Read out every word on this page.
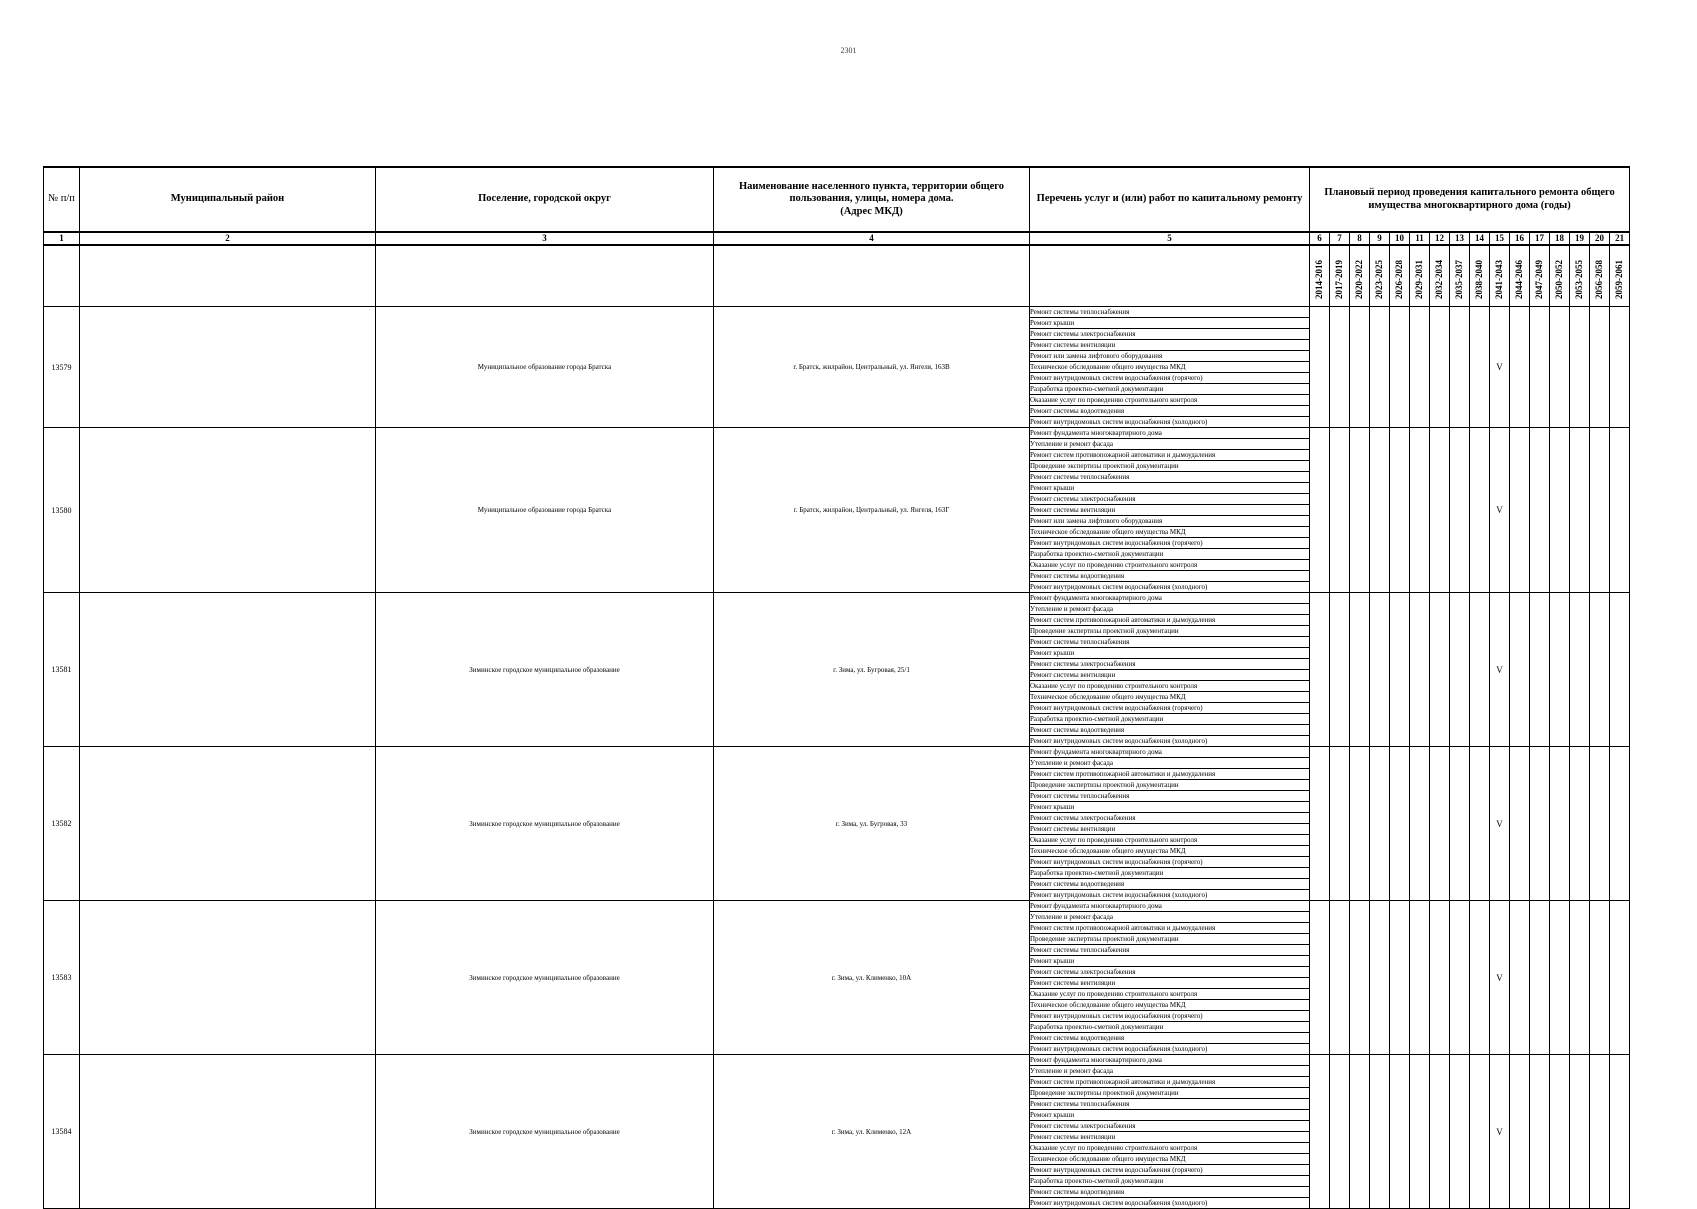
2301
№ п/п	Муниципальный район	Поселение, городской округ	Наименование населенного пункта, территории общего
пользования, улицы, номера дома.
(Адрес МКД)	Перечень услуг и (или) работ по капитальному ремонту	Плановый период проведения капитального ремонта общего
имущества многоквартирного дома (годы)															
1	2	3	4	5	6	7	8	9	10	11	12	13	14	15	16	17	18	19	20	21
					2014-2016	2017-2019	2020-2022	2023-2025	2026-2028	2029-2031	2032-2034	2035-2037	2038-2040	2041-2043	2044-2046	2047-2049	2050-2052	2053-2055	2056-2058	2059-2061
13579		Муниципальное образование города Братска	г. Братск, жилрайон, Центральный, ул. Янгеля, 163В	Ремонт системы теплоснабжения										V						
				Ремонт крыши																
				Ремонт системы электроснабжения																
				Ремонт системы вентиляции																
				Ремонт или замена лифтового оборудования																
				Техническое обследование общего имущества МКД																
				Ремонт внутридомовых систем водоснабжения (горячего)																
				Разработка проектно-сметной документации																
				Оказание услуг по проведению строительного контроля																
				Ремонт системы водоотведения																
				Ремонт внутридомовых систем водоснабжения (холодного)																
13580		Муниципальное образование города Братска	г. Братск, жилрайон, Центральный, ул. Янгеля, 163Г	Ремонт фундамента многоквартирного дома										V						
				Утепление и ремонт фасада																
				Ремонт систем противопожарной автоматики и дымоудаления																
				Проведение экспертизы проектной документации																
				Ремонт системы теплоснабжения																
				Ремонт крыши																
				Ремонт системы электроснабжения																
				Ремонт системы вентиляции																
				Ремонт или замена лифтового оборудования																
				Техническое обследование общего имущества МКД																
				Ремонт внутридомовых систем водоснабжения (горячего)																
				Разработка проектно-сметной документации																
				Оказание услуг по проведению строительного контроля																
				Ремонт системы водоотведения																
				Ремонт внутридомовых систем водоснабжения (холодного)																
13581		Зиминское городское муниципальное образование	г. Зима, ул. Бугровая, 25/1	Ремонт фундамента многоквартирного дома										V						
				Утепление и ремонт фасада																
				Ремонт систем противопожарной автоматики и дымоудаления																
				Проведение экспертизы проектной документации																
				Ремонт системы теплоснабжения																
				Ремонт крыши																
				Ремонт системы электроснабжения																
				Ремонт системы вентиляции																
				Оказание услуг по проведению строительного контроля																
				Техническое обследование общего имущества МКД																
				Ремонт внутридомовых систем водоснабжения (горячего)																
				Разработка проектно-сметной документации																
				Ремонт системы водоотведения																
				Ремонт внутридомовых систем водоснабжения (холодного)																
13582		Зиминское городское муниципальное образование	г. Зима, ул. Бугровая, 33	Ремонт фундамента многоквартирного дома										V						
				Утепление и ремонт фасада																
				Ремонт систем противопожарной автоматики и дымоудаления																
				Проведение экспертизы проектной документации																
				Ремонт системы теплоснабжения																
				Ремонт крыши																
				Ремонт системы электроснабжения																
				Ремонт системы вентиляции																
				Оказание услуг по проведению строительного контроля																
				Техническое обследование общего имущества МКД																
				Ремонт внутридомовых систем водоснабжения (горячего)																
				Разработка проектно-сметной документации																
				Ремонт системы водоотведения																
				Ремонт внутридомовых систем водоснабжения (холодного)																
13583		Зиминское городское муниципальное образование	г. Зима, ул. Клименко, 10А	Ремонт фундамента многоквартирного дома										V						
				Утепление и ремонт фасада																
				Ремонт систем противопожарной автоматики и дымоудаления																
				Проведение экспертизы проектной документации																
				Ремонт системы теплоснабжения																
				Ремонт крыши																
				Ремонт системы электроснабжения																
				Ремонт системы вентиляции																
				Оказание услуг по проведению строительного контроля																
				Техническое обследование общего имущества МКД																
				Ремонт внутридомовых систем водоснабжения (горячего)																
				Разработка проектно-сметной документации																
				Ремонт системы водоотведения																
				Ремонт внутридомовых систем водоснабжения (холодного)																
13584		Зиминское городское муниципальное образование	г. Зима, ул. Клименко, 12А	Ремонт фундамента многоквартирного дома										V						
				Утепление и ремонт фасада																
				Ремонт систем противопожарной автоматики и дымоудаления																
				Проведение экспертизы проектной документации																
				Ремонт системы теплоснабжения																
				Ремонт крыши																
				Ремонт системы электроснабжения																
				Ремонт системы вентиляции																
				Оказание услуг по проведению строительного контроля																
				Техническое обследование общего имущества МКД																
				Ремонт внутридомовых систем водоснабжения (горячего)																
				Разработка проектно-сметной документации																
				Ремонт системы водоотведения																
				Ремонт внутридомовых систем водоснабжения (холодного)																
